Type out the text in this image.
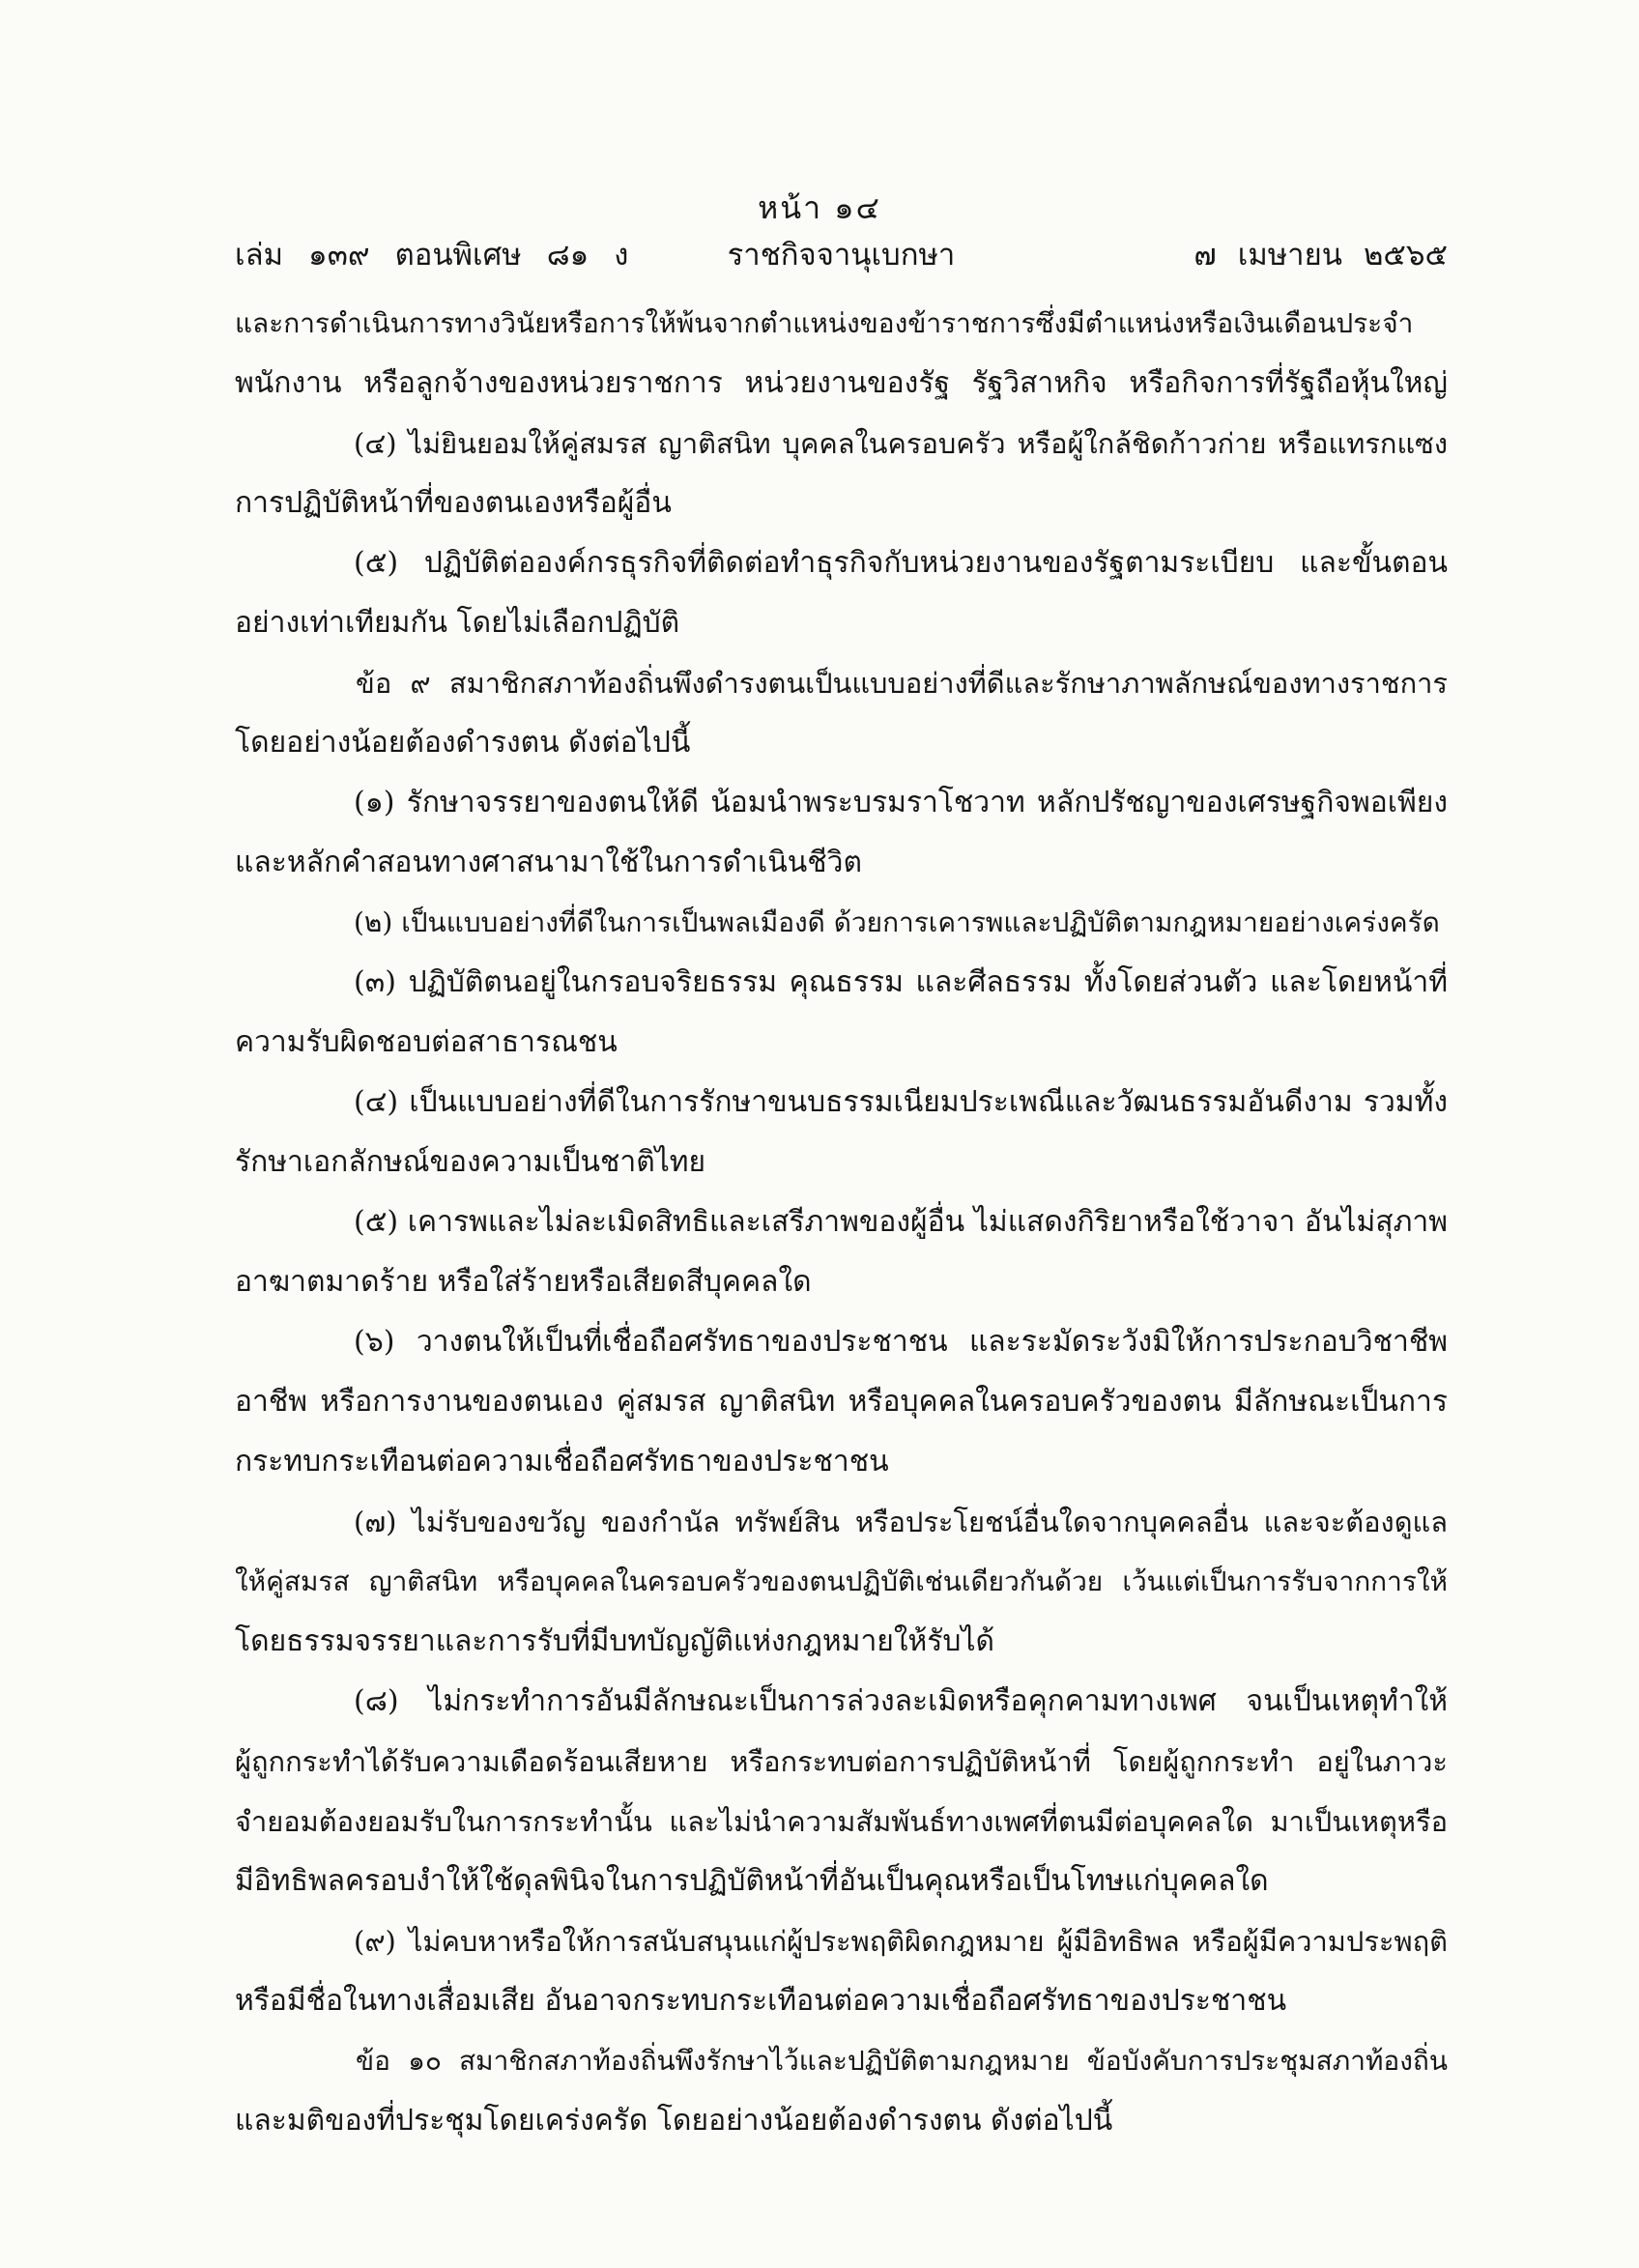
หน้า ๑๔
เล่ม ๑๓๙ ตอนพิเศษ ๘๑ ง	ราชกิจจานุเบกษา	๗ เมษายน ๒๕๖๕
และการดำเนินการทางวินัยหรือการให้พ้นจากตำแหน่งของข้าราชการซึ่งมีตำแหน่งหรือเงินเดือนประจำ
พนักงาน หรือลูกจ้างของหน่วยราชการ หน่วยงานของรัฐ รัฐวิสาหกิจ หรือกิจการที่รัฐถือหุ้นใหญ่
(๔) ไม่ยินยอมให้คู่สมรส ญาติสนิท บุคคลในครอบครัว หรือผู้ใกล้ชิดก้าวก่าย หรือแทรกแซง
การปฏิบัติหน้าที่ของตนเองหรือผู้อื่น
(๕) ปฏิบัติต่อองค์กรธุรกิจที่ติดต่อทำธุรกิจกับหน่วยงานของรัฐตามระเบียบ และขั้นตอน
อย่างเท่าเทียมกัน โดยไม่เลือกปฏิบัติ
ข้อ ๙ สมาชิกสภาท้องถิ่นพึงดำรงตนเป็นแบบอย่างที่ดีและรักษาภาพลักษณ์ของทางราชการ
โดยอย่างน้อยต้องดำรงตน ดังต่อไปนี้
(๑) รักษาจรรยาของตนให้ดี น้อมนำพระบรมราโชวาท หลักปรัชญาของเศรษฐกิจพอเพียง
และหลักคำสอนทางศาสนามาใช้ในการดำเนินชีวิต
(๒) เป็นแบบอย่างที่ดีในการเป็นพลเมืองดี ด้วยการเคารพและปฏิบัติตามกฎหมายอย่างเคร่งครัด
(๓) ปฏิบัติตนอยู่ในกรอบจริยธรรม คุณธรรม และศีลธรรม ทั้งโดยส่วนตัว และโดยหน้าที่
ความรับผิดชอบต่อสาธารณชน
(๔) เป็นแบบอย่างที่ดีในการรักษาขนบธรรมเนียมประเพณีและวัฒนธรรมอันดีงาม รวมทั้ง
รักษาเอกลักษณ์ของความเป็นชาติไทย
(๕) เคารพและไม่ละเมิดสิทธิและเสรีภาพของผู้อื่น ไม่แสดงกิริยาหรือใช้วาจา อันไม่สุภาพ
อาฆาตมาดร้าย หรือใส่ร้ายหรือเสียดสีบุคคลใด
(๖) วางตนให้เป็นที่เชื่อถือศรัทธาของประชาชน และระมัดระวังมิให้การประกอบวิชาชีพ
อาชีพ หรือการงานของตนเอง คู่สมรส ญาติสนิท หรือบุคคลในครอบครัวของตน มีลักษณะเป็นการ
กระทบกระเทือนต่อความเชื่อถือศรัทธาของประชาชน
(๗) ไม่รับของขวัญ ของกำนัล ทรัพย์สิน หรือประโยชน์อื่นใดจากบุคคลอื่น และจะต้องดูแล
ให้คู่สมรส ญาติสนิท หรือบุคคลในครอบครัวของตนปฏิบัติเช่นเดียวกันด้วย เว้นแต่เป็นการรับจากการให้
โดยธรรมจรรยาและการรับที่มีบทบัญญัติแห่งกฎหมายให้รับได้
(๘) ไม่กระทำการอันมีลักษณะเป็นการล่วงละเมิดหรือคุกคามทางเพศ จนเป็นเหตุทำให้
ผู้ถูกกระทำได้รับความเดือดร้อนเสียหาย หรือกระทบต่อการปฏิบัติหน้าที่ โดยผู้ถูกกระทำ อยู่ในภาวะ
จำยอมต้องยอมรับในการกระทำนั้น และไม่นำความสัมพันธ์ทางเพศที่ตนมีต่อบุคคลใด มาเป็นเหตุหรือ
มีอิทธิพลครอบงำให้ใช้ดุลพินิจในการปฏิบัติหน้าที่อันเป็นคุณหรือเป็นโทษแก่บุคคลใด
(๙) ไม่คบหาหรือให้การสนับสนุนแก่ผู้ประพฤติผิดกฎหมาย ผู้มีอิทธิพล หรือผู้มีความประพฤติ
หรือมีชื่อในทางเสื่อมเสีย อันอาจกระทบกระเทือนต่อความเชื่อถือศรัทธาของประชาชน
ข้อ ๑๐ สมาชิกสภาท้องถิ่นพึงรักษาไว้และปฏิบัติตามกฎหมาย ข้อบังคับการประชุมสภาท้องถิ่น
และมติของที่ประชุมโดยเคร่งครัด โดยอย่างน้อยต้องดำรงตน ดังต่อไปนี้
